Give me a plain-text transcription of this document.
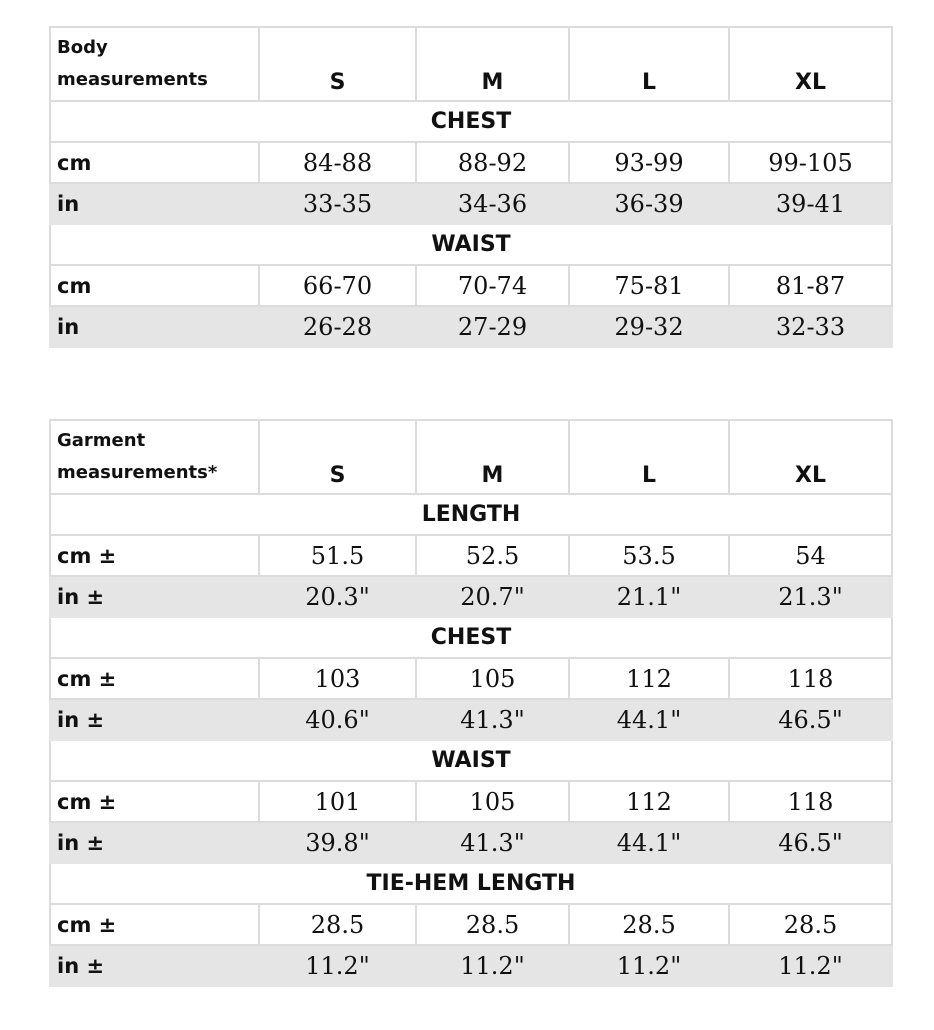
Body
measurements	S	M	L	XL
CHEST				
cm	84-88	88-92	93-99	99-105
in	33-35	34-36	36-39	39-41
WAIST				
cm	66-70	70-74	75-81	81-87
in	26-28	27-29	29-32	32-33
Garment
measurements*	S	M	L	XL
LENGTH				
cm ±	51.5	52.5	53.5	54
in ±	20.3"	20.7"	21.1"	21.3"
CHEST				
cm ±	103	105	112	118
in ±	40.6"	41.3"	44.1"	46.5"
WAIST				
cm ±	101	105	112	118
in ±	39.8"	41.3"	44.1"	46.5"
TIE-HEM LENGTH				
cm ±	28.5	28.5	28.5	28.5
in ±	11.2"	11.2"	11.2"	11.2"
